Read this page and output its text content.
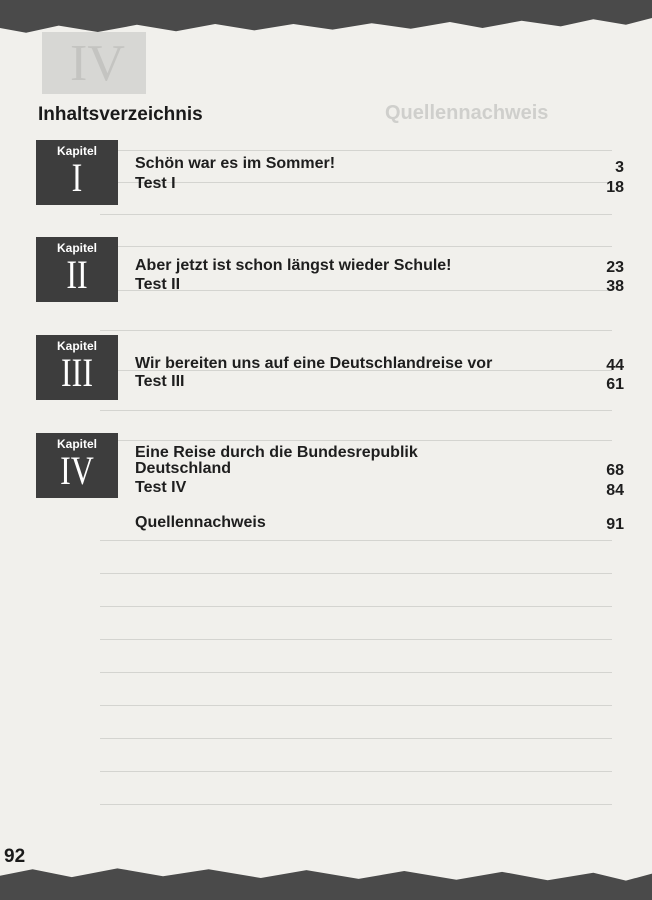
IV
Quellennachweis
Inhaltsverzeichnis
Kapitel
I	Schön war es im Sommer!	3
Test I	18
Kapitel
II	Aber jetzt ist schon längst wieder Schule!	23
Test II	38
Kapitel
III	Wir bereiten uns auf eine Deutschlandreise vor	44
Test III	61
Kapitel
IV	Eine Reise durch die Bundesrepublik
Deutschland	68
Test IV	84
Quellennachweis	91
92
